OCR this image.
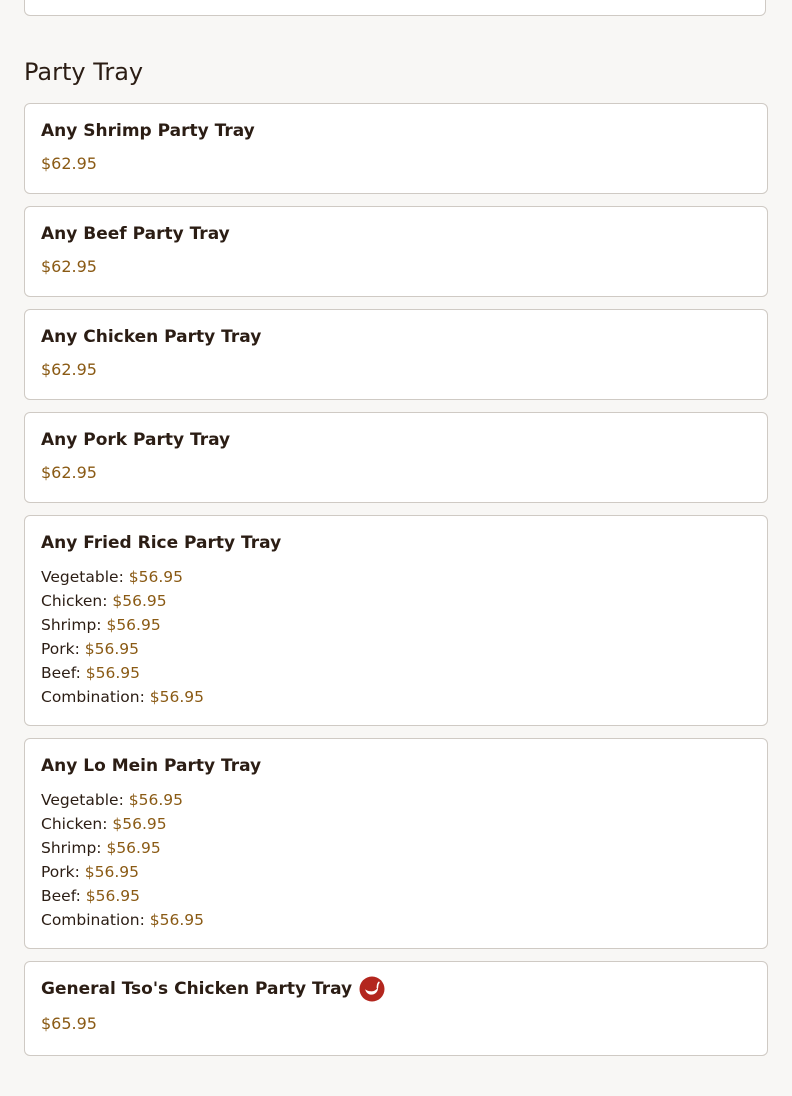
Party Tray
Any Shrimp Party Tray
$62.95
Any Beef Party Tray
$62.95
Any Chicken Party Tray
$62.95
Any Pork Party Tray
$62.95
Any Fried Rice Party Tray
Vegetable: $56.95
Chicken: $56.95
Shrimp: $56.95
Pork: $56.95
Beef: $56.95
Combination: $56.95
Any Lo Mein Party Tray
Vegetable: $56.95
Chicken: $56.95
Shrimp: $56.95
Pork: $56.95
Beef: $56.95
Combination: $56.95
General Tso's Chicken Party Tray
$65.95
